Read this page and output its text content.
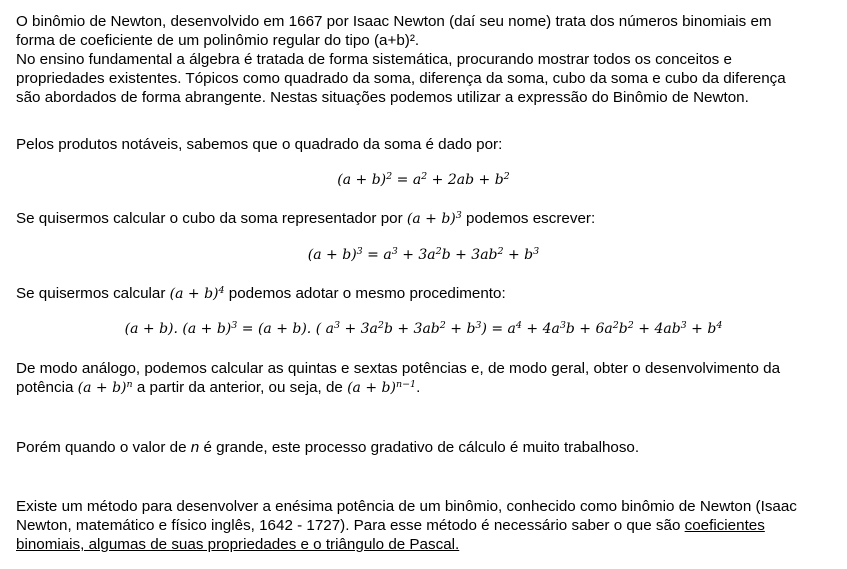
O binômio de Newton, desenvolvido em 1667 por Isaac Newton (daí seu nome) trata dos números binomiais em
forma de coeficiente de um polinômio regular do tipo (a+b)².
No ensino fundamental a álgebra é tratada de forma sistemática, procurando mostrar todos os conceitos e
propriedades existentes. Tópicos como quadrado da soma, diferença da soma, cubo da soma e cubo da diferença
são abordados de forma abrangente. Nestas situações podemos utilizar a expressão do Binômio de Newton.
Pelos produtos notáveis, sabemos que o quadrado da soma é dado por:
$(a + b)^2 = a^2 + 2ab + b^2$
Se quisermos calcular o cubo da soma representador por $(a + b)^3$ podemos escrever:
$(a + b)^3 = a^3 + 3a^2b + 3ab^2 + b^3$
Se quisermos calcular $(a + b)^4$ podemos adotar o mesmo procedimento:
(a + b). $(a + b)^3 = (a + b)$. ( $a^3 + 3a^2b + 3ab^2 + b^3) = a^4 + 4a^3b + 6a^2b^2 + 4ab^3 + b^4$
De modo análogo, podemos calcular as quintas e sextas potências e, de modo geral, obter o desenvolvimento da
potência $(a + b)^n$ a partir da anterior, ou seja, de $(a + b)^{n-1}$.
Porém quando o valor de n é grande, este processo gradativo de cálculo é muito trabalhoso.
Existe um método para desenvolver a enésima potência de um binômio, conhecido como binômio de Newton (Isaac
Newton, matemático e físico inglês, 1642 - 1727). Para esse método é necessário saber o que são coeficientes
binomiais, algumas de suas propriedades e o triângulo de Pascal.
